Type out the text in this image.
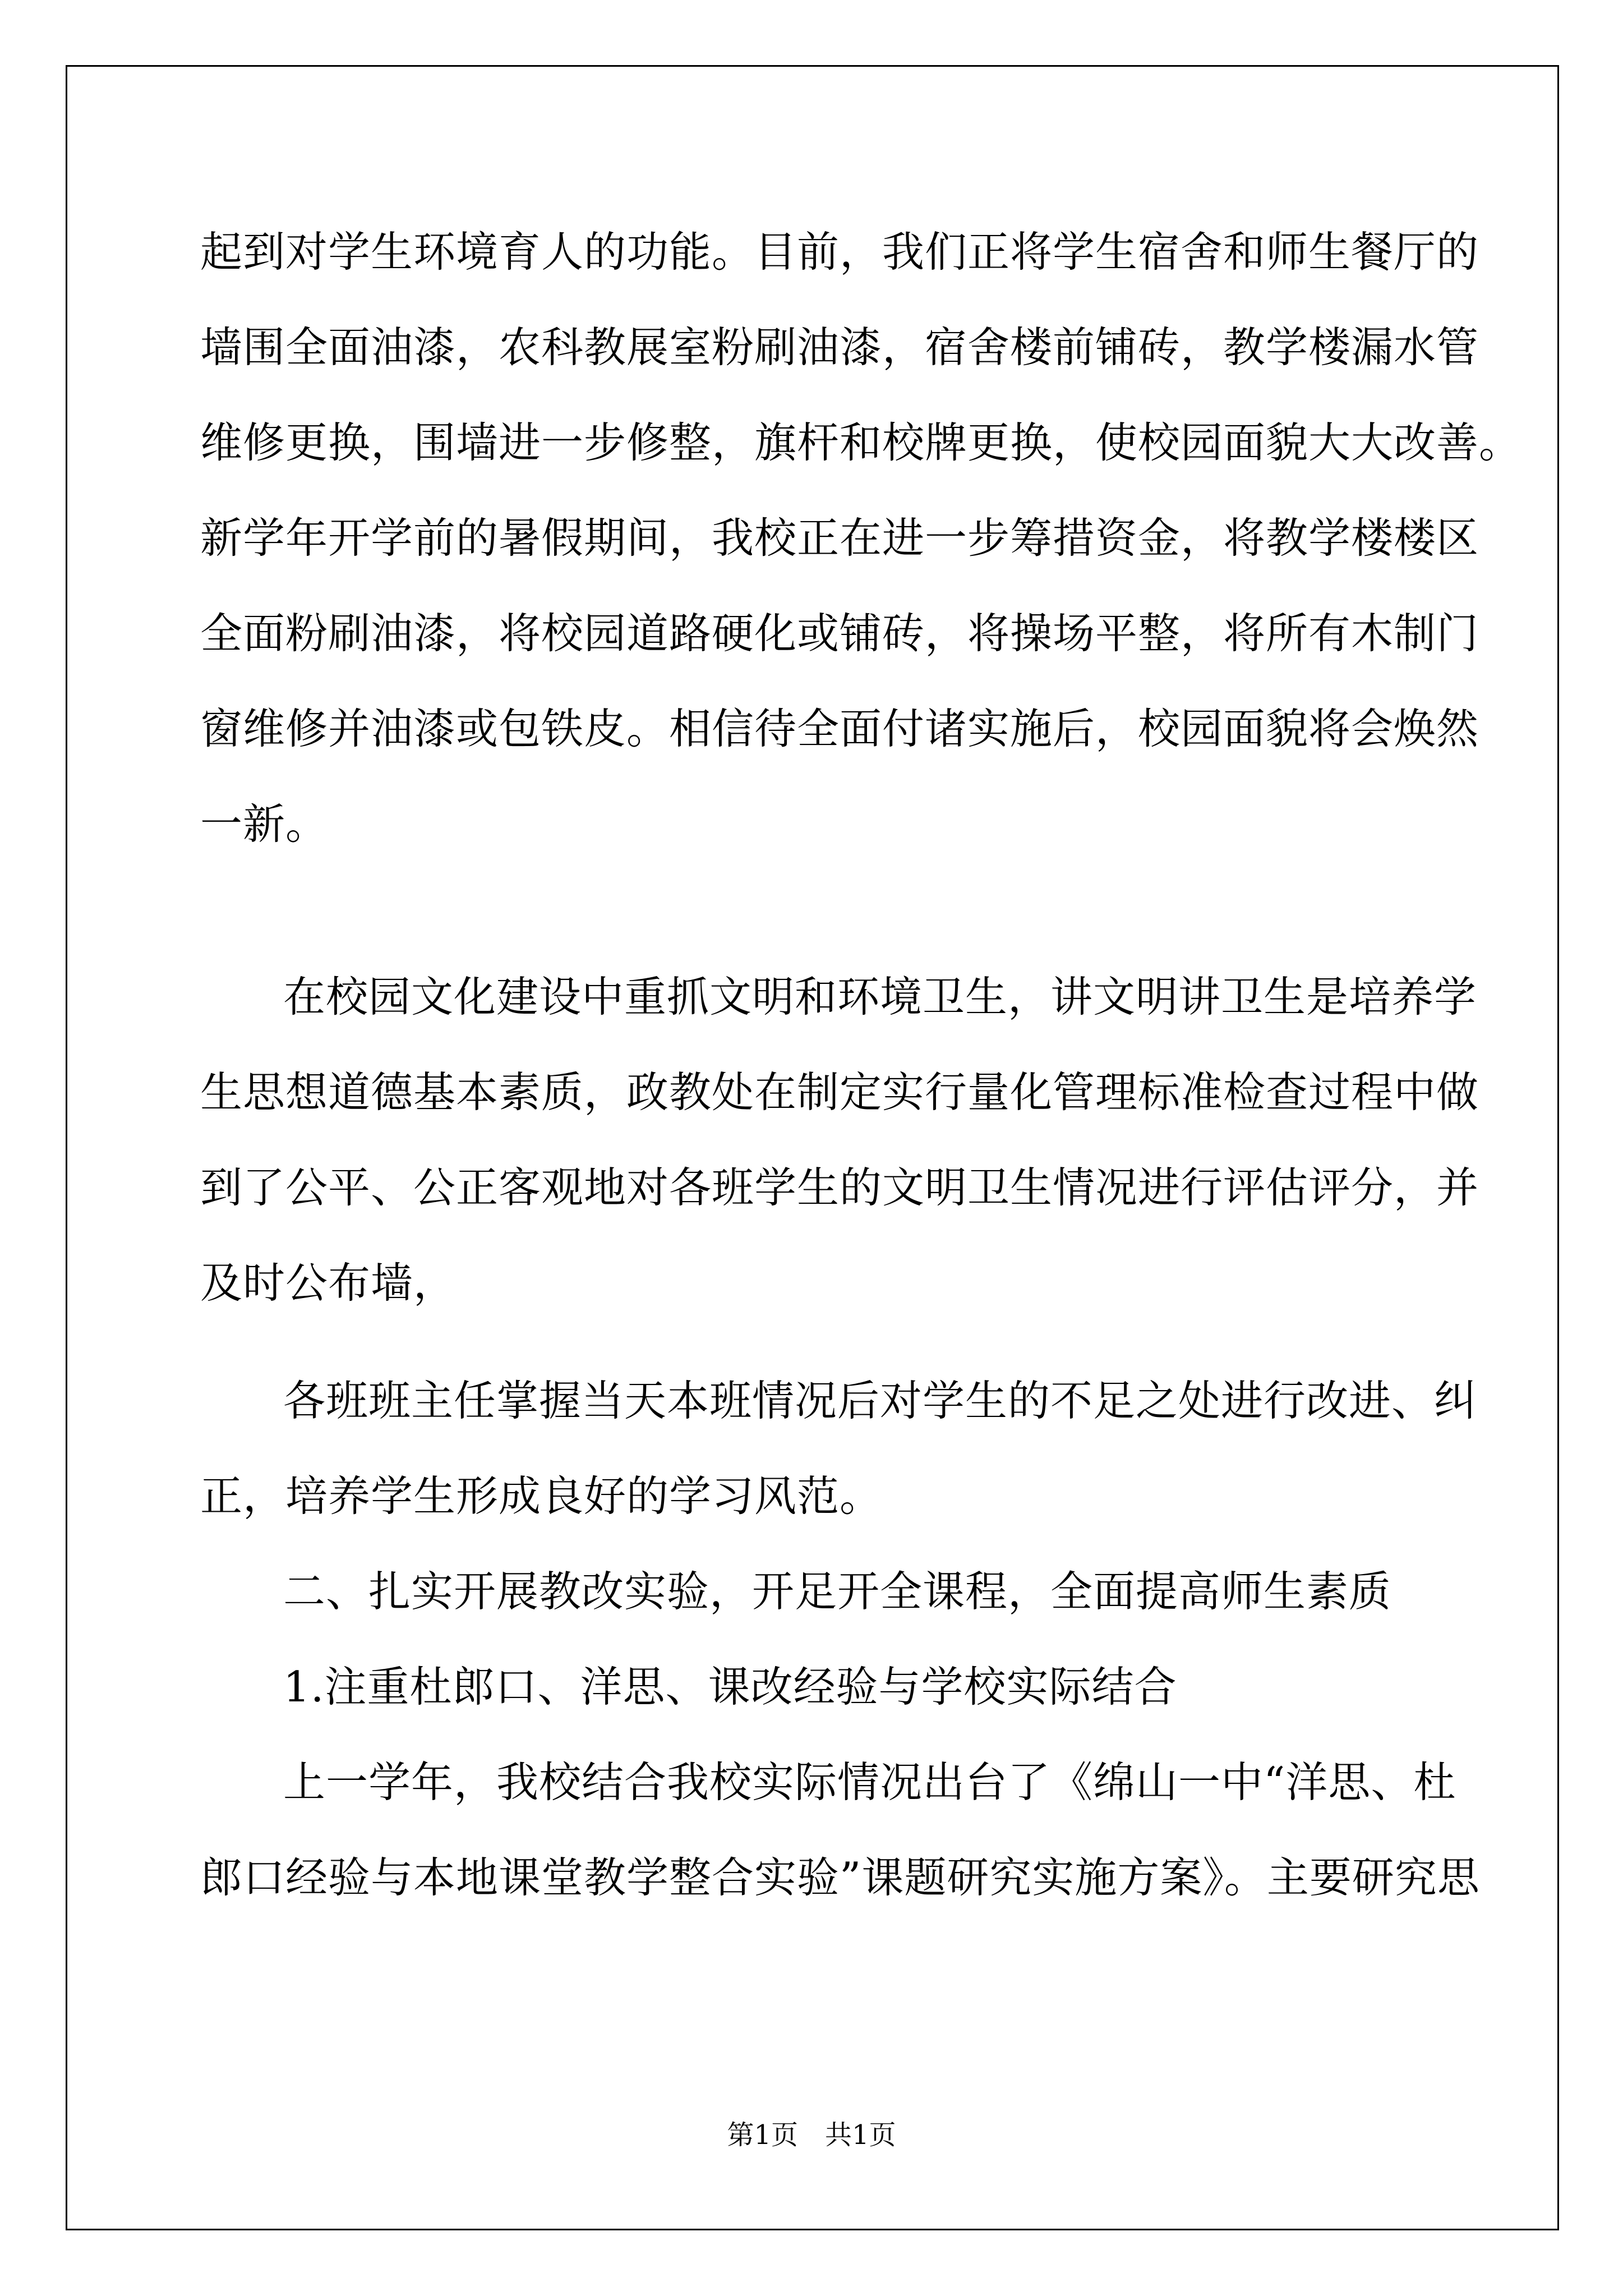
起到对学生环境育人的功能。目前，我们正将学生宿舍和师生餐厅的
墙围全面油漆，农科教展室粉刷油漆，宿舍楼前铺砖，教学楼漏水管
维修更换，围墙进一步修整，旗杆和校牌更换，使校园面貌大大改善。
新学年开学前的暑假期间，我校正在进一步筹措资金，将教学楼楼区
全面粉刷油漆，将校园道路硬化或铺砖，将操场平整，将所有木制门
窗维修并油漆或包铁皮。相信待全面付诸实施后，校园面貌将会焕然
一新。
在校园文化建设中重抓文明和环境卫生，讲文明讲卫生是培养学
生思想道德基本素质，政教处在制定实行量化管理标准检查过程中做
到了公平、公正客观地对各班学生的文明卫生情况进行评估评分，并
及时公布墙，
各班班主任掌握当天本班情况后对学生的不足之处进行改进、纠
正，培养学生形成良好的学习风范。
二、扎实开展教改实验，开足开全课程，全面提高师生素质
1.注重杜郎口、洋思、课改经验与学校实际结合
上一学年，我校结合我校实际情况出台了《绵山一中“洋思、杜
郎口经验与本地课堂教学整合实验”课题研究实施方案》。主要研究思
第1页　共1页
